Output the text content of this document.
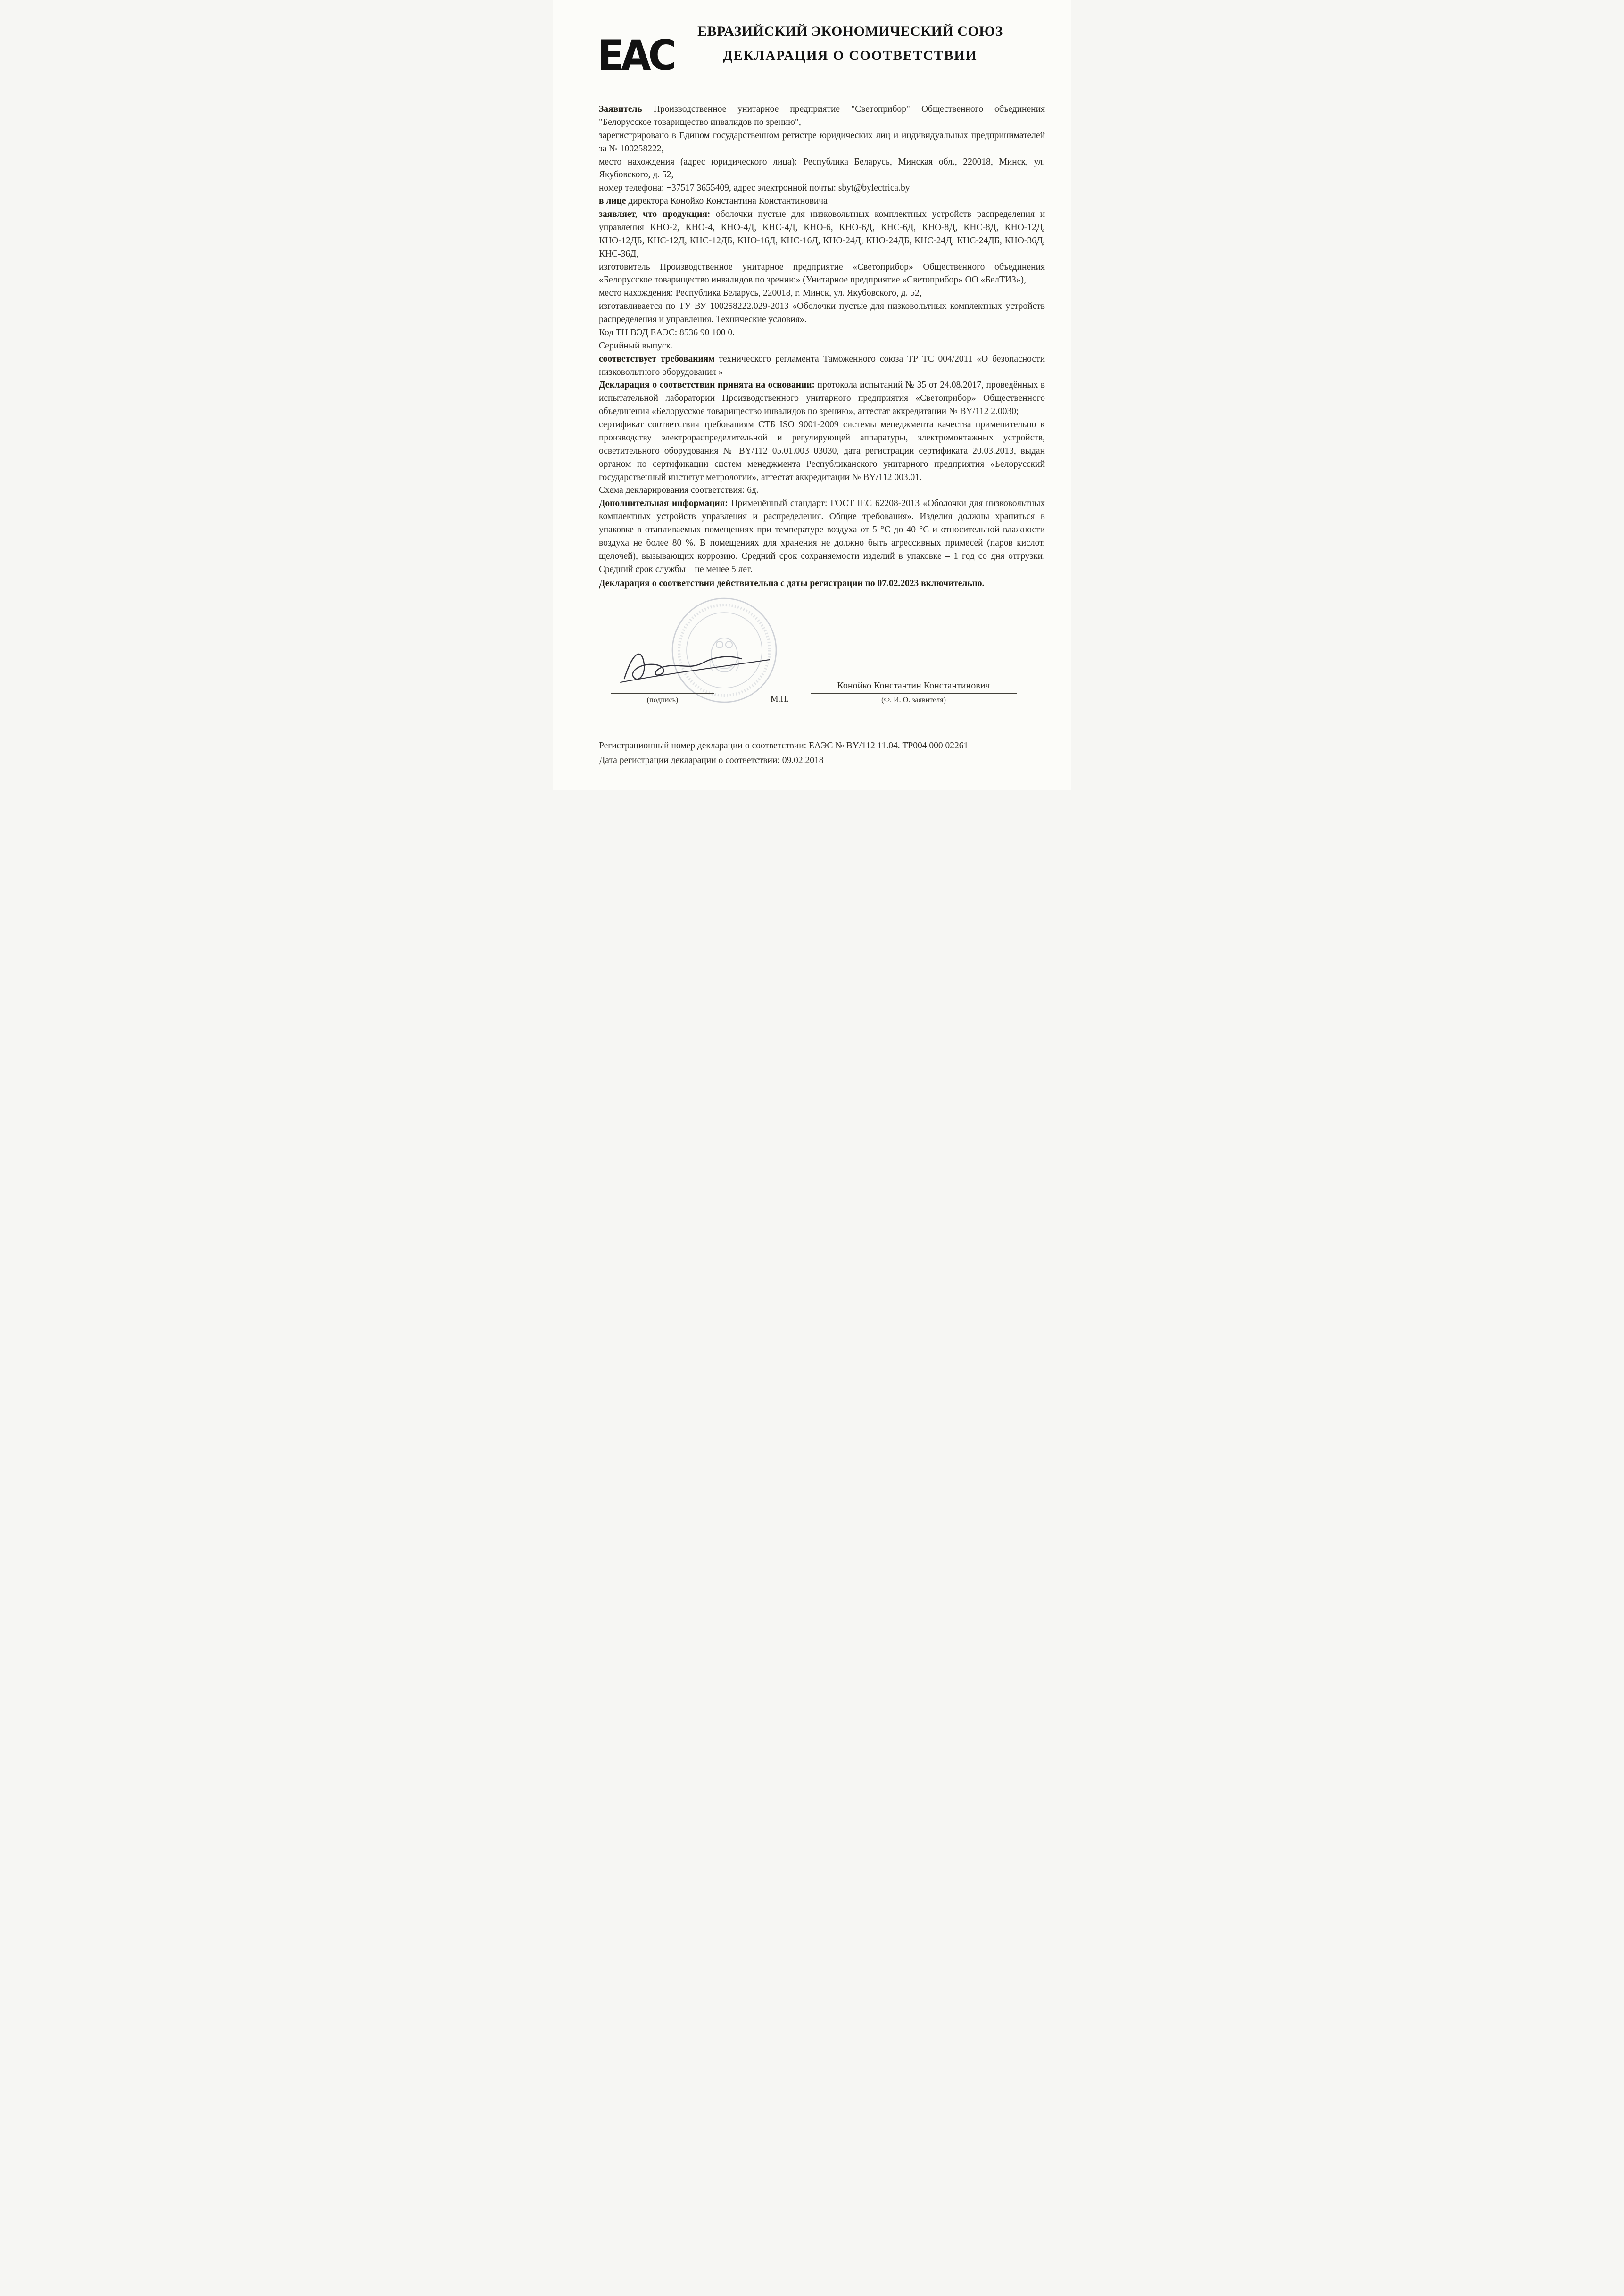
ЕАС
ЕВРАЗИЙСКИЙ ЭКОНОМИЧЕСКИЙ СОЮЗ
ДЕКЛАРАЦИЯ О СООТВЕТСТВИИ

Заявитель Производственное унитарное предприятие "Светоприбор" Общественного объединения "Белорусское товарищество инвалидов по зрению",

зарегистрировано в Едином государственном регистре юридических лиц и индивидуальных предпринимателей за № 100258222,

место нахождения (адрес юридического лица): Республика Беларусь, Минская обл., 220018, Минск, ул. Якубовского, д. 52,

номер телефона: +37517 3655409, адрес электронной почты: sbyt@bylectrica.by

в лице директора Конойко Константина Константиновича

заявляет, что продукция: оболочки пустые для низковольтных комплектных устройств распределения и управления КНО-2, КНО-4, КНО-4Д, КНС-4Д, КНО-6, КНО-6Д, КНС-6Д, КНО-8Д, КНС-8Д, КНО-12Д, КНО-12ДБ, КНС-12Д, КНС-12ДБ, КНО-16Д, КНС-16Д, КНО-24Д, КНО-24ДБ, КНС-24Д, КНС-24ДБ, КНО-36Д, КНС-36Д,

изготовитель Производственное унитарное предприятие «Светоприбор» Общественного объединения «Белорусское товарищество инвалидов по зрению» (Унитарное предприятие «Светоприбор» ОО «БелТИЗ»),

место нахождения: Республика Беларусь, 220018, г. Минск, ул. Якубовского, д. 52,

изготавливается по ТУ ВУ 100258222.029-2013 «Оболочки пустые для низковольтных комплектных устройств распределения и управления. Технические условия».

Код ТН ВЭД ЕАЭС: 8536 90 100 0.

Серийный выпуск.

соответствует требованиям технического регламента Таможенного союза ТР ТС 004/2011 «О безопасности низковольтного оборудования »

Декларация о соответствии принята на основании: протокола испытаний № 35 от 24.08.2017, проведённых в испытательной лаборатории Производственного унитарного предприятия «Светоприбор» Общественного объединения «Белорусское товарищество инвалидов по зрению», аттестат аккредитации № BY/112 2.0030;

сертификат соответствия требованиям СТБ ISO 9001-2009 системы менеджмента качества применительно к производству электрораспределительной и регулирующей аппаратуры, электромонтажных устройств, осветительного оборудования № BY/112 05.01.003 03030, дата регистрации сертификата 20.03.2013, выдан органом по сертификации систем менеджмента Республиканского унитарного предприятия «Белорусский государственный институт метрологии», аттестат аккредитации № BY/112 003.01.

Схема декларирования соответствия: 6д.

Дополнительная информация: Применённый стандарт: ГОСТ IEC 62208-2013 «Оболочки для низковольтных комплектных устройств управления и распределения. Общие требования». Изделия должны храниться в упаковке в отапливаемых помещениях при температуре воздуха от 5 °С до 40 °С и относительной влажности воздуха не более 80 %. В помещениях для хранения не должно быть агрессивных примесей (паров кислот, щелочей), вызывающих коррозию. Средний срок сохраняемости изделий в упаковке – 1 год со дня отгрузки. Средний срок службы – не менее 5 лет.

Декларация о соответствии действительна с даты регистрации по 07.02.2023 включительно.

(подпись)	М.П.
Конойко Константин Константинович
(Ф. И. О. заявителя)
Регистрационный номер декларации о соответствии: ЕАЭС № BY/112 11.04. ТР004 000 02261
Дата регистрации декларации о соответствии: 09.02.2018
